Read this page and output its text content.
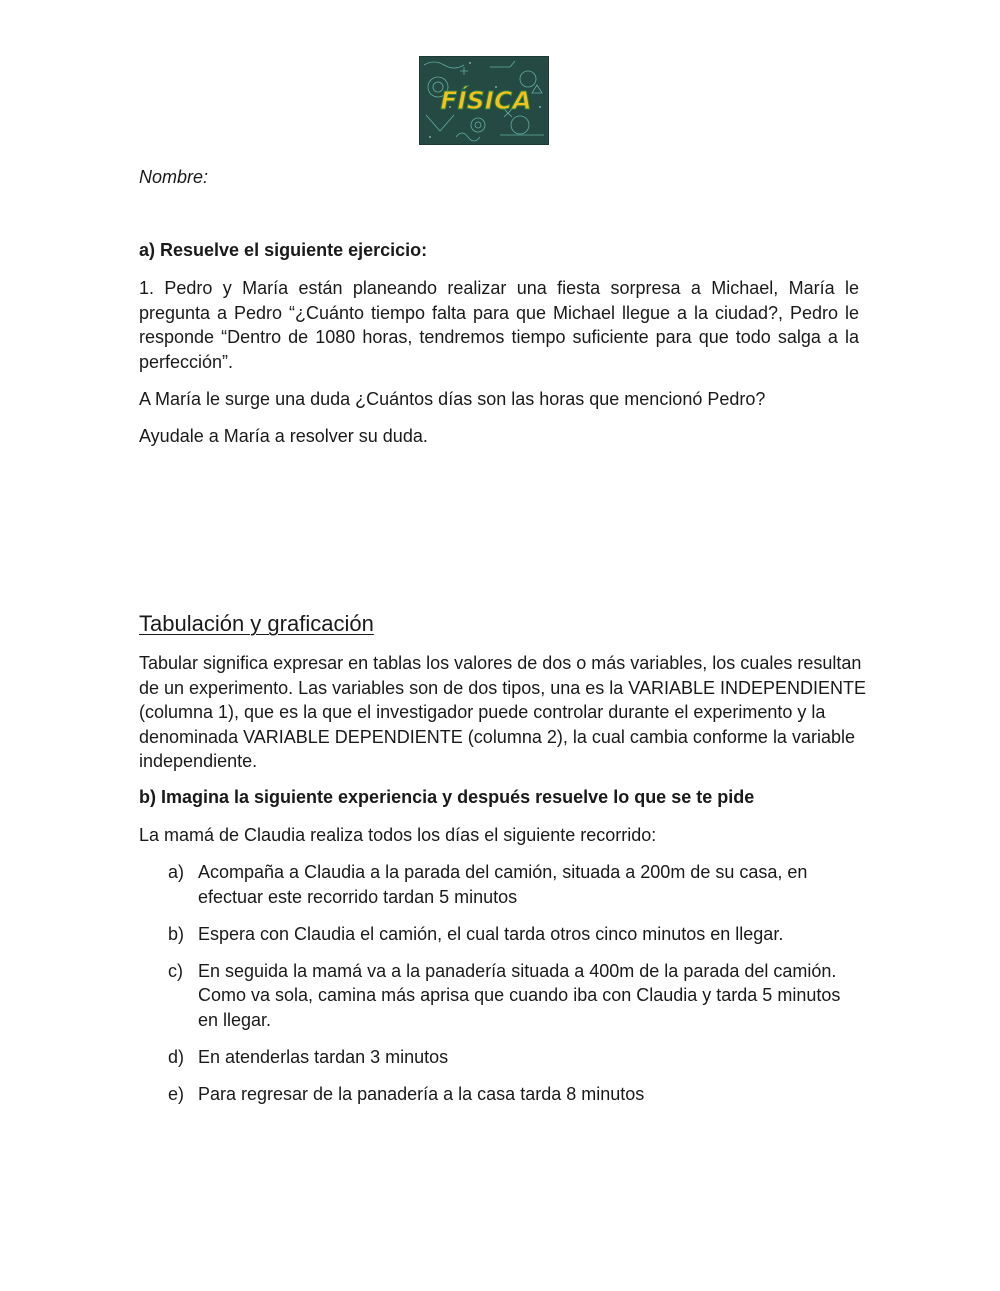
FÍSICA
Nombre:
a) Resuelve el siguiente ejercicio:
1. Pedro y María están planeando realizar una fiesta sorpresa a Michael, María le pregunta a Pedro “¿Cuánto tiempo falta para que Michael llegue a la ciudad?, Pedro le responde “Dentro de 1080 horas, tendremos tiempo suficiente para que todo salga a la perfección”.
A María le surge una duda ¿Cuántos días son las horas que mencionó Pedro?
Ayudale a María a resolver su duda.
Tabulación y graficación
Tabular significa expresar en tablas los valores de dos o más variables, los cuales resultan de un experimento. Las variables son de dos tipos, una es la VARIABLE INDEPENDIENTE (columna 1), que es la que el investigador puede controlar durante el experimento y la denominada VARIABLE DEPENDIENTE (columna 2), la cual cambia conforme la variable independiente.
b) Imagina la siguiente experiencia y después resuelve lo que se te pide
La mamá de Claudia realiza todos los días el siguiente recorrido:
a) Acompaña a Claudia a la parada del camión, situada a 200m de su casa, en efectuar este recorrido tardan 5 minutos
b) Espera con Claudia el camión, el cual tarda otros cinco minutos en llegar.
c) En seguida la mamá va a la panadería situada a 400m de la parada del camión. Como va sola, camina más aprisa que cuando iba con Claudia y tarda 5 minutos en llegar.
d) En atenderlas tardan 3 minutos
e) Para regresar de la panadería a la casa tarda 8 minutos
